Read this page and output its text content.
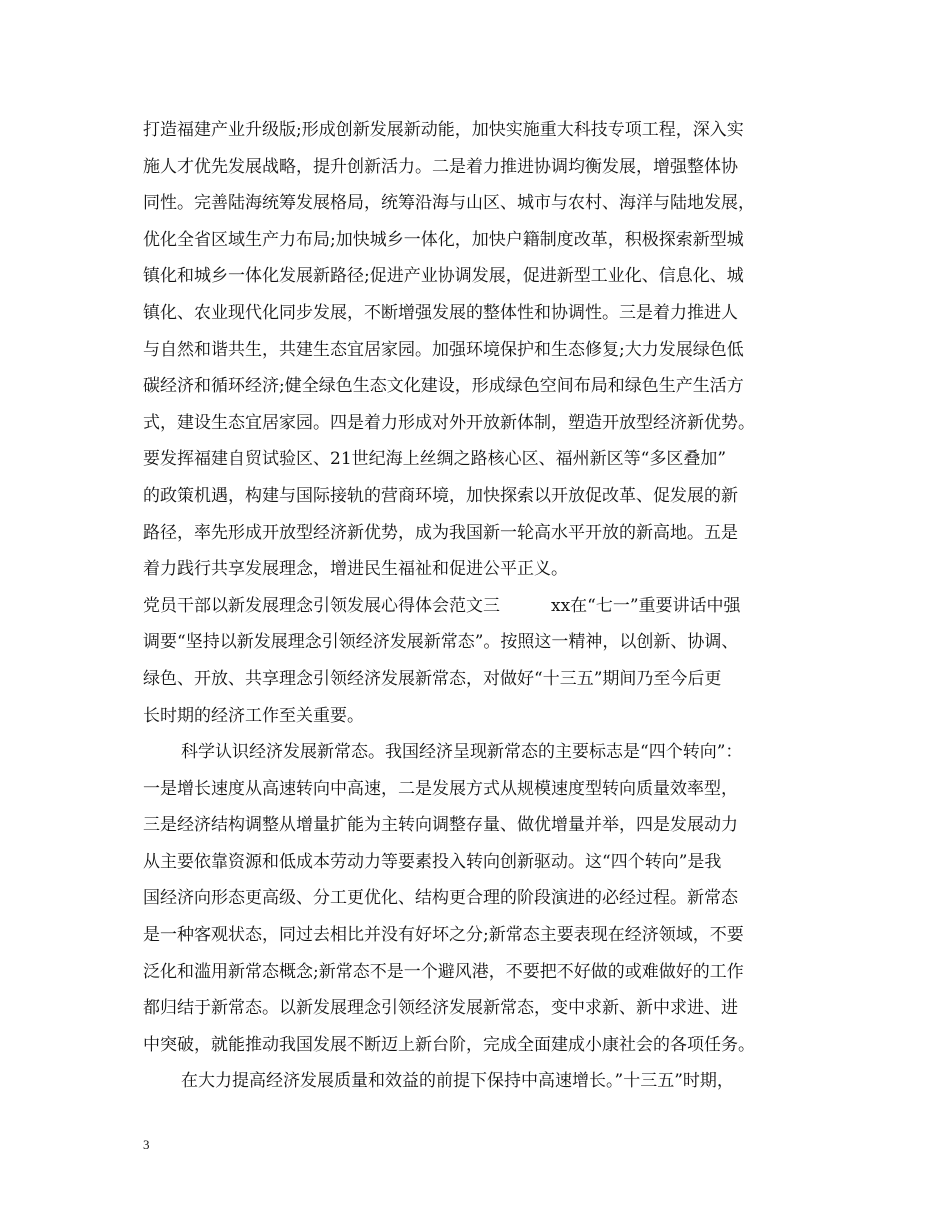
打造福建产业升级版;形成创新发展新动能，加快实施重大科技专项工程，深入实
施人才优先发展战略，提升创新活力。二是着力推进协调均衡发展，增强整体协
同性。完善陆海统筹发展格局，统筹沿海与山区、城市与农村、海洋与陆地发展，
优化全省区域生产力布局;加快城乡一体化，加快户籍制度改革，积极探索新型城
镇化和城乡一体化发展新路径;促进产业协调发展，促进新型工业化、信息化、城
镇化、农业现代化同步发展，不断增强发展的整体性和协调性。三是着力推进人
与自然和谐共生，共建生态宜居家园。加强环境保护和生态修复;大力发展绿色低
碳经济和循环经济;健全绿色生态文化建设，形成绿色空间布局和绿色生产生活方
式，建设生态宜居家园。四是着力形成对外开放新体制，塑造开放型经济新优势。
要发挥福建自贸试验区、21世纪海上丝绸之路核心区、福州新区等“多区叠加”
的政策机遇，构建与国际接轨的营商环境，加快探索以开放促改革、促发展的新
路径，率先形成开放型经济新优势，成为我国新一轮高水平开放的新高地。五是
着力践行共享发展理念，增进民生福祉和促进公平正义。
党员干部以新发展理念引领发展心得体会范文三　　　xx在“七一”重要讲话中强
调要“坚持以新发展理念引领经济发展新常态”。按照这一精神，以创新、协调、
绿色、开放、共享理念引领经济发展新常态，对做好“十三五”期间乃至今后更
长时期的经济工作至关重要。
科学认识经济发展新常态。我国经济呈现新常态的主要标志是“四个转向”：
一是增长速度从高速转向中高速，二是发展方式从规模速度型转向质量效率型，
三是经济结构调整从增量扩能为主转向调整存量、做优增量并举，四是发展动力
从主要依靠资源和低成本劳动力等要素投入转向创新驱动。这“四个转向”是我
国经济向形态更高级、分工更优化、结构更合理的阶段演进的必经过程。新常态
是一种客观状态，同过去相比并没有好坏之分;新常态主要表现在经济领域，不要
泛化和滥用新常态概念;新常态不是一个避风港，不要把不好做的或难做好的工作
都归结于新常态。以新发展理念引领经济发展新常态，变中求新、新中求进、进
中突破，就能推动我国发展不断迈上新台阶，完成全面建成小康社会的各项任务。
在大力提高经济发展质量和效益的前提下保持中高速增长。”十三五”时期，
3
